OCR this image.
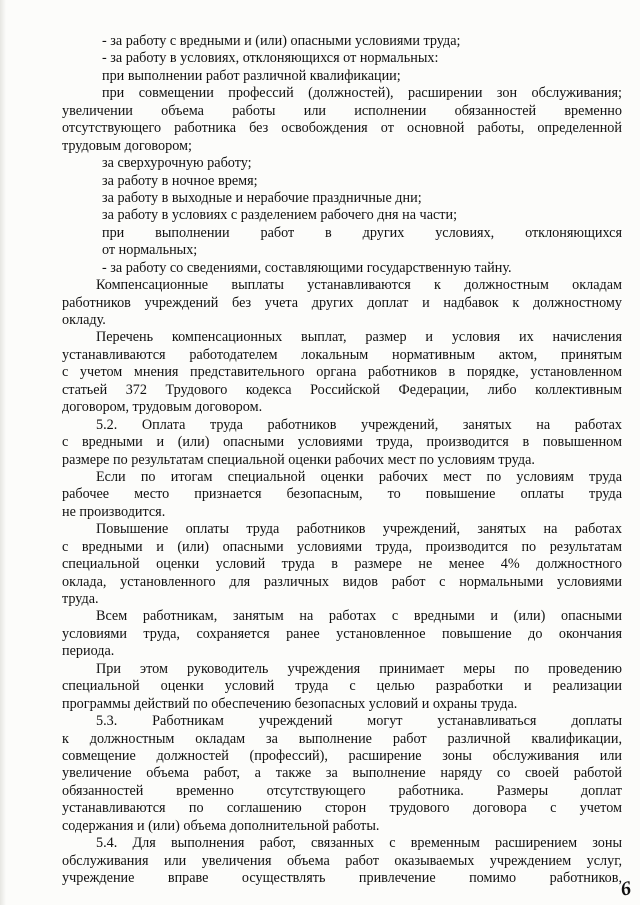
- за работу с вредными и (или) опасными условиями труда;
- за работу в условиях, отклоняющихся от нормальных:
при выполнении работ различной квалификации;
при совмещении профессий (должностей), расширении зон обслуживания;
увеличении объема работы или исполнении обязанностей временно
отсутствующего работника без освобождения от основной работы, определенной
трудовым договором;
за сверхурочную работу;
за работу в ночное время;
за работу в выходные и нерабочие праздничные дни;
за работу в условиях с разделением рабочего дня на части;
при выполнении работ в других условиях, отклоняющихся
от нормальных;
- за работу со сведениями, составляющими государственную тайну.
Компенсационные выплаты устанавливаются к должностным окладам
работников учреждений без учета других доплат и надбавок к должностному
окладу.
Перечень компенсационных выплат, размер и условия их начисления
устанавливаются работодателем локальным нормативным актом, принятым
с учетом мнения представительного органа работников в порядке, установленном
статьей 372 Трудового кодекса Российской Федерации, либо коллективным
договором, трудовым договором.
5.2. Оплата труда работников учреждений, занятых на работах
с вредными и (или) опасными условиями труда, производится в повышенном
размере по результатам специальной оценки рабочих мест по условиям труда.
Если по итогам специальной оценки рабочих мест по условиям труда
рабочее место признается безопасным, то повышение оплаты труда
не производится.
Повышение оплаты труда работников учреждений, занятых на работах
с вредными и (или) опасными условиями труда, производится по результатам
специальной оценки условий труда в размере не менее 4% должностного
оклада, установленного для различных видов работ с нормальными условиями
труда.
Всем работникам, занятым на работах с вредными и (или) опасными
условиями труда, сохраняется ранее установленное повышение до окончания
периода.
При этом руководитель учреждения принимает меры по проведению
специальной оценки условий труда с целью разработки и реализации
программы действий по обеспечению безопасных условий и охраны труда.
5.3. Работникам учреждений могут устанавливаться доплаты
к должностным окладам за выполнение работ различной квалификации,
совмещение должностей (профессий), расширение зоны обслуживания или
увеличение объема работ, а также за выполнение наряду со своей работой
обязанностей временно отсутствующего работника. Размеры доплат
устанавливаются по соглашению сторон трудового договора с учетом
содержания и (или) объема дополнительной работы.
5.4. Для выполнения работ, связанных с временным расширением зоны
обслуживания или увеличения объема работ оказываемых учреждением услуг,
учреждение вправе осуществлять привлечение помимо работников,
6
